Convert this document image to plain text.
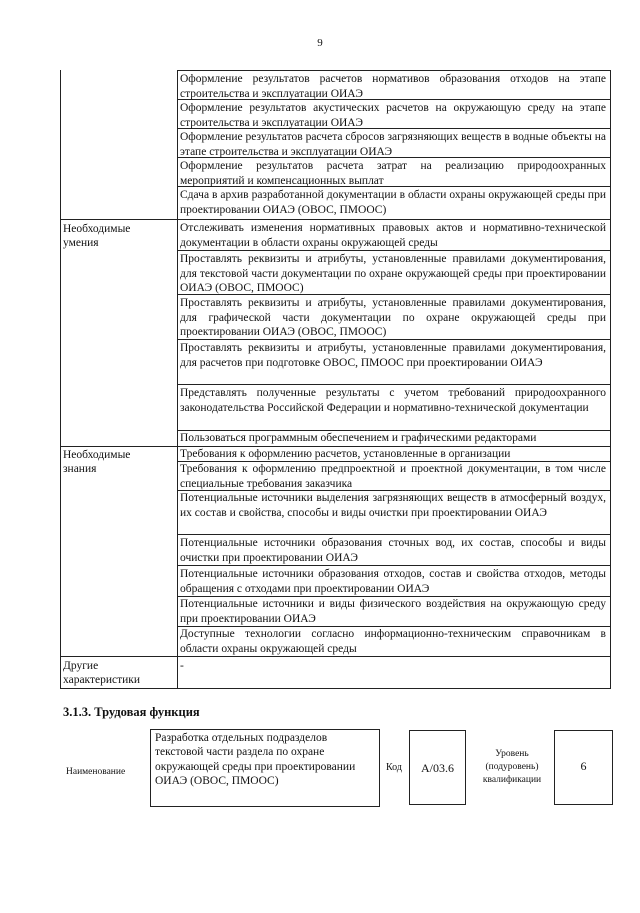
9
Оформление результатов расчетов нормативов образования отходов на этапе строительства и эксплуатации ОИАЭ
Оформление результатов акустических расчетов на окружающую среду на этапе строительства и эксплуатации ОИАЭ
Оформление результатов расчета сбросов загрязняющих веществ в водные объекты на этапе строительства и эксплуатации ОИАЭ
Оформление результатов расчета затрат на реализацию природоохранных мероприятий и компенсационных выплат
Сдача в архив разработанной документации в области охраны окружающей среды при проектировании ОИАЭ (ОВОС, ПМООС)
Необходимые
умения
Отслеживать изменения нормативных правовых актов и нормативно-технической документации в области охраны окружающей среды
Проставлять реквизиты и атрибуты, установленные правилами документирования, для текстовой части документации по охране окружающей среды при проектировании ОИАЭ (ОВОС, ПМООС)
Проставлять реквизиты и атрибуты, установленные правилами документирования, для графической части документации по охране окружающей среды при проектировании ОИАЭ (ОВОС, ПМООС)
Проставлять реквизиты и атрибуты, установленные правилами документирования, для расчетов при подготовке ОВОС, ПМООС при проектировании ОИАЭ
Представлять полученные результаты с учетом требований природоохранного законодательства Российской Федерации и нормативно-технической документации
Пользоваться программным обеспечением и графическими редакторами
Необходимые
знания
Требования к оформлению расчетов, установленные в организации
Требования к оформлению предпроектной и проектной документации, в том числе специальные требования заказчика
Потенциальные источники выделения загрязняющих веществ в атмосферный воздух, их состав и свойства, способы и виды очистки при проектировании ОИАЭ
Потенциальные источники образования сточных вод, их состав, способы и виды очистки при проектировании ОИАЭ
Потенциальные источники образования отходов, состав и свойства отходов, методы обращения с отходами при проектировании ОИАЭ
Потенциальные источники и виды физического воздействия на окружающую среду при проектировании ОИАЭ
Доступные технологии согласно информационно-техническим справочникам в области охраны окружающей среды
Другие
характеристики
-
3.1.3. Трудовая функция
Наименование
Разработка отдельных подразделов текстовой части раздела по охране окружающей среды при проектировании ОИАЭ (ОВОС, ПМООС)
Код	А/03.6
Уровень
(подуровень)
квалификации
6
